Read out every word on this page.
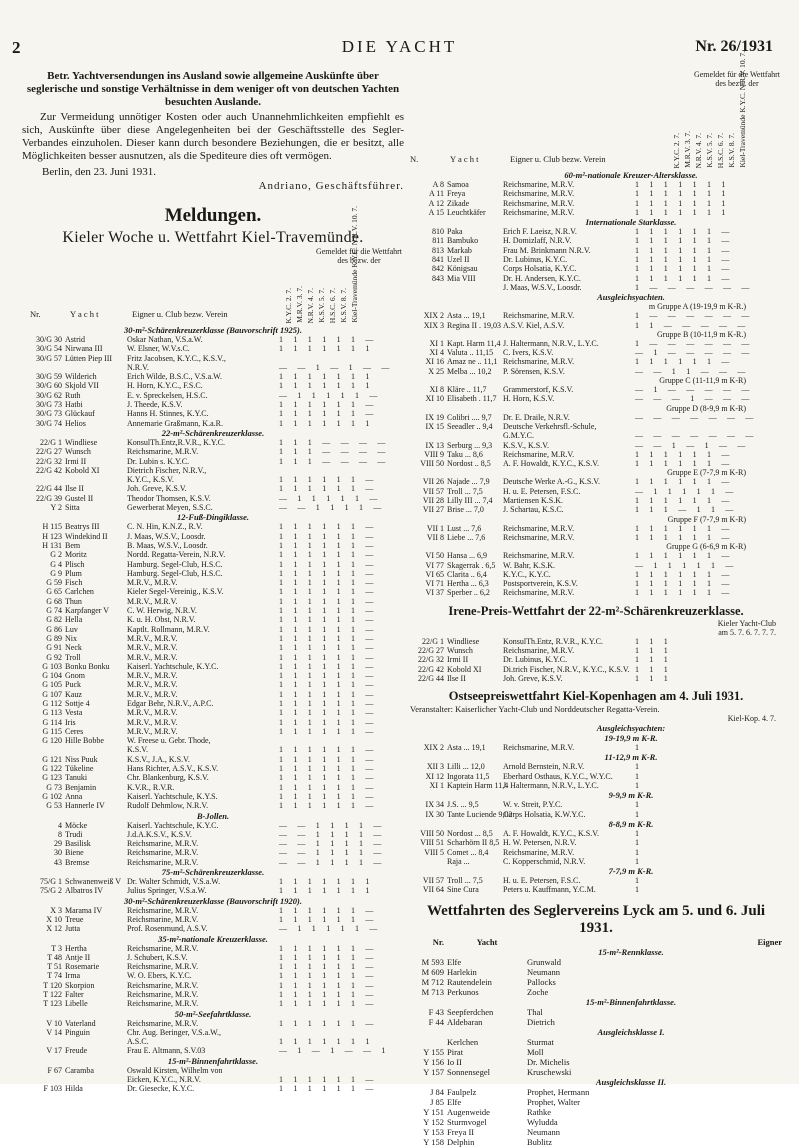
2	DIE YACHT	Nr. 26/1931
Betr. Yachtversendungen ins Ausland sowie allgemeine Auskünfte über seglerische und sonstige Verhältnisse in dem weniger oft von deutschen Yachten besuchten Auslande.
Zur Vermeidung unnötiger Kosten oder auch Unannehmlichkeiten empfiehlt es sich, Auskünfte über diese Angelegenheiten bei der Geschäftsstelle des Segler-Verbandes einzuholen. Dieser kann durch besondere Beziehungen, die er besitzt, alle Möglichkeiten besser ausnutzen, als die Spediteure dies oft vermögen.
Berlin, den 23. Juni 1931.
Andriano, Geschäftsführer.
Meldungen.
Kieler Woche u. Wettfahrt Kiel-Travemünde.
Gemeldet für die Wettfahrt des bezw. der
Nr.	Y a c h t	Eigner u. Club bezw. Verein	K.Y.C. 2. 7. M.R.V. 3. 7. N.R.V. 4. 7. K.S.V. 5. 7. H.S.C. 6. 7. K.S.V. 8. 7. Kiel-Travemünde K.Y.C. N.R.V. 10. 7.
30-m²-Schärenkreuzerklasse (Bauvorschrift 1925).
30/G 30 Astrid	Oskar Nathan, V.S.a.W.	1 1 1 1 1 1 —
30/G 54 Nirwana III	W. Elsner, W.V.s.C.	1 1 1 1 1 1 1
30/G 57 Lütten Piep III	Fritz Jacobsen, K.Y.C., K.S.V.,
N.R.V.	— — 1 — 1 — —
30/G 59 Wilderich	Erich Wilde, B.S.C., V.S.a.W.	1 1 1 1 1 1 1
30/G 60 Skjold VII	H. Horn, K.Y.C., F.S.C.	1 1 1 1 1 1 1
30/G 62 Ruth	E. v. Spreckelsen, H.S.C.	— 1 1 1 1 1 —
30/G 73 Hatbi	J. Theede, K.S.V.	1 1 1 1 1 1 —
30/G 73 Glückauf	Hanns H. Stinnes, K.Y.C.	1 1 1 1 1 1 —
30/G 74 Helios	Annemarie Graßmann, K.a.R.	1 1 1 1 1 1 1
22-m²-Schärenkreuzerklasse.
22/G 1 Windliese	KonsulTh.Entz,R.V.R., K.Y.C.	1 1 1 — — — —
22/G 27 Wunsch	Reichsmarine, M.R.V.	1 1 1 — — — —
22/G 32 Irmi II	Dr. Lubin s. K.Y.C.	1 1 1 — — — —
22/G 42 Kobold XI	Dietrich Fischer, N.R.V.,
K.Y.C., K.S.V.	1 1 1 1 1 1 —
22/G 44 Ilse II	Joh. Greve, K.S.V.	1 1 1 1 1 1 —
22/G 39 Gustel II	Theodor Thomsen, K.S.V.	— 1 1 1 1 1 —
Y 2 Sitta	Gewerberat Meyen, S.S.C.	— — 1 1 1 1 —
12-Fuß-Dingiklasse.
H 115 Beatrys III	C. N. Hin, K.N.Z., R.V.	1 1 1 1 1 1 —
H 123 Windekind II	J. Maas, W.S.V., Loosdr.	1 1 1 1 1 1 —
H 131 Bem	B. Maas, W.S.V., Loosdr.	1 1 1 1 1 1 —
G 2 Moritz	Nordd. Regatta-Verein, N.R.V.	1 1 1 1 1 1 —
G 4 Plisch	Hamburg. Segel-Club, H.S.C.	1 1 1 1 1 1 —
G 9 Plum	Hamburg. Segel-Club, H.S.C.	1 1 1 1 1 1 —
G 59 Fisch	M.R.V., M.R.V.	1 1 1 1 1 1 —
G 65 Carlchen	Kieler Segel-Vereinig., K.S.V.	1 1 1 1 1 1 —
G 68 Thun	M.R.V., M.R.V.	1 1 1 1 1 1 —
G 74 Karpfanger V	C. W. Herwig, N.R.V.	1 1 1 1 1 1 —
G 82 Hella	K. u. H. Obst, N.R.V.	1 1 1 1 1 1 —
G 86 Luv	Kaptlt. Rollmann, M.R.V.	1 1 1 1 1 1 —
G 89 Nix	M.R.V., M.R.V.	1 1 1 1 1 1 —
G 91 Neck	M.R.V., M.R.V.	1 1 1 1 1 1 —
G 92 Troll	M.R.V., M.R.V.	1 1 1 1 1 1 —
G 103 Bonku Bonku	Kaiserl. Yachtschule, K.Y.C.	1 1 1 1 1 1 —
G 104 Gnom	M.R.V., M.R.V.	1 1 1 1 1 1 —
G 105 Puck	M.R.V., M.R.V.	1 1 1 1 1 1 —
G 107 Kauz	M.R.V., M.R.V.	1 1 1 1 1 1 —
G 112 Sottje 4	Edgar Behr, N.R.V., A.P.C.	1 1 1 1 1 1 —
G 113 Vesta	M.R.V., M.R.V.	1 1 1 1 1 1 —
G 114 Iris	M.R.V., M.R.V.	1 1 1 1 1 1 —
G 115 Ceres	M.R.V., M.R.V.	1 1 1 1 1 1 —
G 120 Hille Bobbe	W. Freese u. Gebr. Thode,
K.S.V.	1 1 1 1 1 1 —
G 121 Niss Puuk	K.S.V., J.A., K.S.V.	1 1 1 1 1 1 —
G 122 Tükeline	Hans Richter, A.S.V., K.S.V.	1 1 1 1 1 1 —
G 123 Tanuki	Chr. Blankenburg, K.S.V.	1 1 1 1 1 1 —
G 73 Benjamin	K.V.R., R.V.R.	1 1 1 1 1 1 —
G 102 Anna	Kaiserl. Yachtschule, K.Y.S.	1 1 1 1 1 1 —
G 53 Hannerle IV	Rudolf Dehmlow, N.R.V.	1 1 1 1 1 1 —
B-Jollen.
4 Möcke	Kaiserl. Yachtschule, K.Y.C.	— — 1 1 1 1 —
8 Trudi	J.d.A.K.S.V., K.S.V.	— — 1 1 1 1 —
29 Basilisk	Reichsmarine, M.R.V.	— — 1 1 1 1 —
30 Biene	Reichsmarine, M.R.V.	— — 1 1 1 1 —
43 Bremse	Reichsmarine, M.R.V.	— — 1 1 1 1 —
75-m²-Schärenkreuzerklasse.
75/G 1 Schwanenweiß V Dr. Walter Schmidt, V.S.a.W.	1 1 1 1 1 1 1
75/G 2 Albatros IV	Julius Springer, V.S.a.W.	1 1 1 1 1 1 1
30-m²-Schärenkreuzerklasse (Bauvorschrift 1920).
X 3 Marama IV	Reichsmarine, M.R.V.	1 1 1 1 1 1 —
X 10 Treue	Reichsmarine, M.R.V.	1 1 1 1 1 1 —
X 12 Jutta	Prof. Rosenmund, A.S.V.	— 1 1 1 1 1 —
35-m²-nationale Kreuzerklasse.
T 3 Hertha	Reichsmarine, M.R.V.	1 1 1 1 1 1 —
T 48 Antje II	J. Schubert, K.S.V.	1 1 1 1 1 1 —
T 51 Rosemarie	Reichsmarine, M.R.V.	1 1 1 1 1 1 —
T 74 Irma	W. O. Ebers, K.Y.C.	1 1 1 1 1 1 —
T 120 Skorpion	Reichsmarine, M.R.V.	1 1 1 1 1 1 —
T 122 Falter	Reichsmarine, M.R.V.	1 1 1 1 1 1 —
T 123 Libelle	Reichsmarine, M.R.V.	1 1 1 1 1 1 —
50-m²-Seefahrtklasse.
V 10 Vaterland	Reichsmarine, M.R.V.	1 1 1 1 1 1 —
V 14 Pinguin	Chr. Aug. Beringer, V.S.a.W.,
A.S.C.	1 1 1 1 1 1 1
V 17 Freude	Frau E. Altmann, S.V.03	— 1 — 1 — — 1
15-m²-Binnenfahrtklasse.
F 67 Caramba	Oswald Kirsten, Wilhelm von
Eicken, K.Y.C., N.R.V.	1 1 1 1 1 1 —
F 103 Hilda	Dr. Giesecke, K.Y.C.	1 1 1 1 1 1 —
Gemeldet für die Wettfahrt des bezw. der
N.	Y a c h t	Eigner u. Club bezw. Verein	K.Y.C. 2. 7. M.R.V. 3. 7. N.R.V. 4. 7. K.S.V. 5. 7. H.S.C. 6. 7. K.S.V. 8. 7. Kiel-Travemünde K.Y.C. N.R.V. 10. 7.
60-m²-nationale Kreuzer-Altersklasse.
A 8 Samoa	Reichsmarine, M.R.V.	1 1 1 1 1 1 1
A 11 Freya	Reichsmarine, M.R.V.	1 1 1 1 1 1 1
A 12 Zikade	Reichsmarine, M.R.V.	1 1 1 1 1 1 1
A 15 Leuchtkäfer	Reichsmarine, M.R.V.	1 1 1 1 1 1 1
Internationale Starklasse.
810 Paka	Erich F. Laeisz, N.R.V.	1 1 1 1 1 1 —
811 Bambuko	H. Domizlaff, N.R.V.	1 1 1 1 1 1 —
813 Markab	Frau M. Brinkmann N.R.V.	1 1 1 1 1 1 —
841 Uzel II	Dr. Lubinus, K.Y.C.	1 1 1 1 1 1 —
842 Königsau	Corps Holsatia, K.Y.C.	1 1 1 1 1 1 —
843 Mia VIII	Dr. H. Andersen, K.Y.C.	1 1 1 1 1 1 —
J. Maas, W.S.V., Loosdr.	1 — — — — — —
Ausgleichsyachten.
m Gruppe A (19-19,9 m K-R.)
XIX 2 Asta ... 19,1	Reichsmarine, M.R.V.	1 — — — — — —
XIX 3 Regina II . 19,03 A.S.V. Kiel, A.S.V.	1 1 — — — — —
Gruppe B (10-11,9 m K-R.)
XI 1 Kapt. Harm 11,4 J. Haltermann, N.R.V., L.Y.C.	1 — — — — — —
XI 4 Valuta .. 11,15	C. Ivers, K.S.V.	— 1 — — — — —
XI 16 Amaz ne .. 11,1 Reichsmarine, M.R.V.	1 1 1 1 1 1 —
X 25 Melba ... 10,2	P. Sörensen, K.S.V.	— — 1 1 — — —
Gruppe C (11-11,9 m K-R)
XI 8 Kläre .. 11,7	Grammerstorf, K.S.V.	— 1 — — — — —
XI 10 Elisabeth . 11,7 H. Horn, K.S.V.	— — — 1 — — —
Gruppe D (8-9,9 m K-R)
IX 19 Colibri .... 9,7	Dr. E. Draile, N.R.V.	— — — — — — —
IX 15 Seeadler .. 9,4	Deutsche Verkehrsfl.-Schule,
G.M.Y.C.	— — — — — — —
IX 13 Serburg ... 9,3	K.S.V., K.S.V.	— — 1 — 1 — —
VIII 9 Taku ... 8,6	Reichsmarine, M.R.V.	1 1 1 1 1 1 —
VIII 50 Nordost .. 8,5	A. F. Howaldt, K.Y.C., K.S.V.	1 1 1 1 1 1 —
Gruppe E (7-7,9 m K-R)
VII 26 Najade ... 7,9	Deutsche Werke A.-G., K.S.V.	1 1 1 1 1 1 —
VII 57 Troll ... 7,5	H. u. E. Petersen, F.S.C.	— 1 1 1 1 1 —
VII 28 Lilly III ... 7,4	Martiensen K.S.K.	1 1 1 1 1 1 —
VII 27 Brise ... 7,0	J. Schartau, K.S.C.	1 1 1 — 1 1 —
Gruppe F (7-7,9 m K-R)
VII 1 Lust ... 7,6	Reichsmarine, M.R.V.	1 1 1 1 1 1 —
VII 8 Liebe ... 7,6	Reichsmarine, M.R.V.	1 1 1 1 1 1 —
Gruppe G (6-6,9 m K-R)
VI 50 Hansa ... 6,9	Reichsmarine, M.R.V.	1 1 1 1 1 1 —
VI 77 Skagerrak . 6,5 W. Bahr, K.S.K.	— 1 1 1 1 1 —
VI 65 Clarita .. 6,4	K.Y.C., K.Y.C.	1 1 1 1 1 1 —
VI 71 Hertha ... 6,3	Postsportverein, K.S.V.	1 1 1 1 1 1 —
VI 37 Sperber .. 6,2	Reichsmarine, M.R.V.	1 1 1 1 1 1 —
Irene-Preis-Wettfahrt der 22-m²-Schärenkreuzerklasse.
Kieler Yacht-Club
am 5. 7. 6. 7. 7. 7.
22/G 1 Windliese	KonsulTh.Entz, R.V.R., K.Y.C.	1 1 1
22/G 27 Wunsch	Reichsmarine, M.R.V.	1 1 1
22/G 32 Irmi II	Dr. Lubinus, K.Y.C.	1 1 1
22/G 42 Kobold XI	Di.trich Fischer, N.R.V., K.Y.C., K.S.V. 1 1 1
22/G 44 Ilse II	Joh. Greve, K.S.V.	1 1 1
Ostseepreiswettfahrt Kiel-Kopenhagen am 4. Juli 1931.
Veranstalter: Kaiserlicher Yacht-Club und Norddeutscher Regatta-Verein.
Kiel-Kop. 4. 7.
Ausgleichsyachten:
19-19,9 m K-R.
XIX 2 Asta ... 19,1	Reichsmarine, M.R.V.	1
11-12,9 m K-R.
XII 3 Lilli ... 12,0	Arnold Bernstein, N.R.V.	1
XI 12 Ingorata 11,5	Eberhard Osthaus, K.Y.C., W.Y.C.	1
XI 1 Kaptein Harm 11,4
J. Haltermann, N.R.V., L.Y.C.	1
9-9,9 m K-R.
IX 34 J.S. ... 9,5	W. v. Streit, P.Y.C.	1
IX 30 Tante Luciende 9,02
Corps Holsatia, K.W.Y.C.	1
8-8,9 m K-R.
VIII 50 Nordost ... 8,5	A. F. Howaldt, K.Y.C., K.S.V.	1
VIII 51 Scharhörn II 8,5 H. W. Petersen, N.R.V.	1
VIII 5 Comet ... 8,4	Reichsmarine, M.R.V.	1
Raja ...	C. Kopperschmid, N.R.V.	1
7-7,9 m K-R.
VII 57 Troll ... 7,5	H. u. E. Petersen, F.S.C.	1
VII 64 Sine Cura	Peters u. Kauffmann, Y.C.M.	1
Wettfahrten des Seglervereins Lyck am 5. und 6. Juli 1931.
Nr.	Yacht	Eigner
15-m²-Rennklasse.
M 593 Elfe	Grunwald
M 609 Harlekin	Neumann
M 712 Rautendelein	Pallocks
M 713 Perkunos	Zoche
15-m²-Binnenfahrtklasse.
F 43 Seepferdchen	Thal
F 44 Aldebaran	Dietrich
Ausgleichsklasse I.
Kerlchen	Sturmat
Y 155 Pirat	Moll
Y 156 Io II	Dr. Michelis
Y 157 Sonnensegel	Kruschewski
Ausgleichsklasse II.
J 84 Faulpelz	Prophet, Hermann
J 85 Elfe	Prophet, Walter
Y 151 Augenweide	Rathke
Y 152 Sturmvogel	Wyludda
Y 153 Freya II	Neumann
Y 158 Delphin	Bublitz
